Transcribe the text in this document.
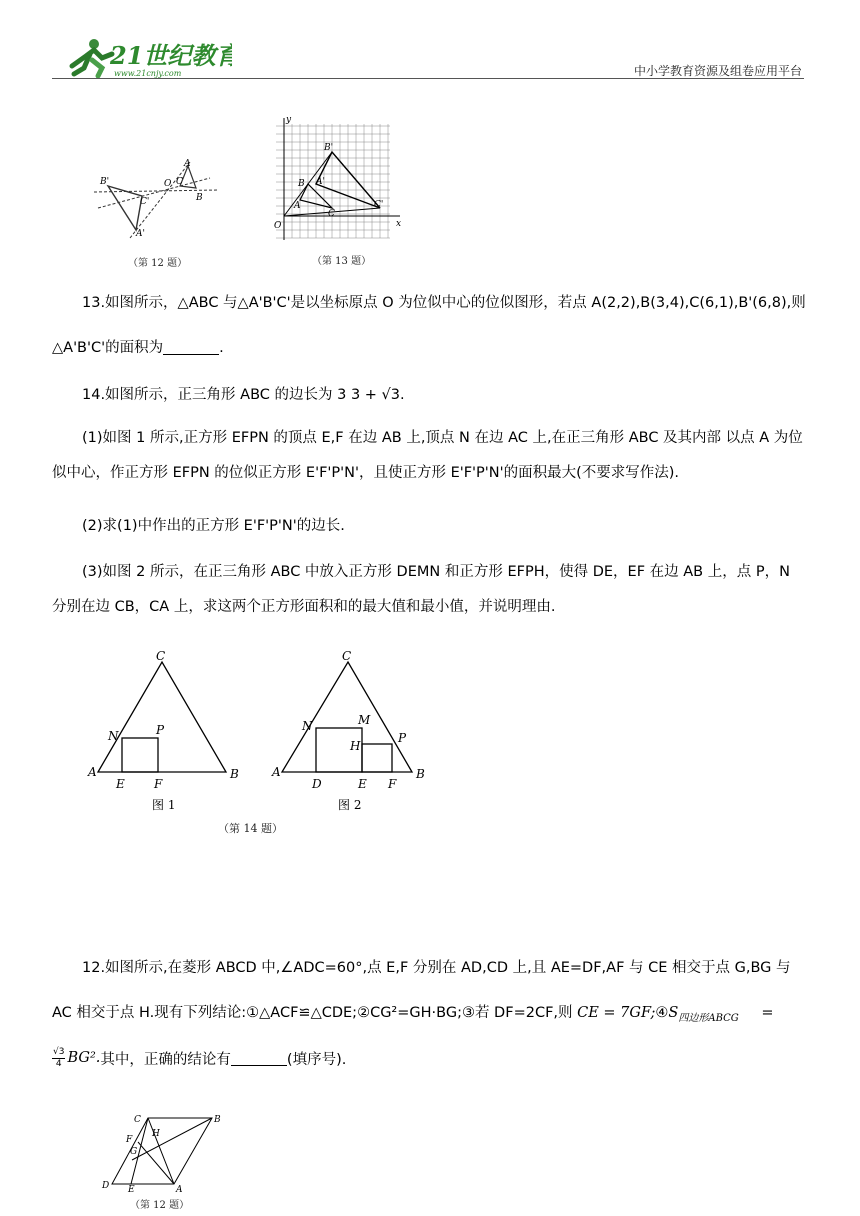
21世纪教育
www.21cnjy.com	中小学教育资源及组卷应用平台
B'	O
A
C
B
C'
A'
（第 12 题）
y
B'
B A'
C
A	C'
O	x
（第 13 题）
13.如图所示，△ABC 与△A'B'C'是以坐标原点 O 为位似中心的位似图形，若点 A(2,2),B(3,4),C(6,1),B'(6,8),则
△A'B'C'的面积为	.
14.如图所示，正三角形 ABC 的边长为 3 3 + √3.
(1)如图 1 所示,正方形 EFPN 的顶点 E,F 在边 AB 上,顶点 N 在边 AC 上,在正三角形 ABC 及其内部 以点 A 为位似中心，作正方形 EFPN 的位似正方形 E'F'P'N'，且使正方形 E'F'P'N'的面积最大(不要求写作法).
(2)求(1)中作出的正方形 E'F'P'N'的边长.
(3)如图 2 所示，在正三角形 ABC 中放入正方形 DEMN 和正方形 EFPH，使得 DE，EF 在边 AB 上，点 P，N 分别在边 CB，CA 上，求这两个正方形面积和的最大值和最小值，并说明理由.
C
N	P
A
E F
B
图 1
C
M
N
P
H
A
D	E F
B
图 2
（第 14 题）
12.如图所示,在菱形 ABCD 中,∠ADC=60°,点 E,F 分别在 AD,CD 上,且 AE=DF,AF 与 CE 相交于点 G,BG 与
AC 相交于点 H.现有下列结论:①△ACF≌△CDE;②CG²=GH·BG;③若 DF=2CF,则 CE = $7GF;④S_{四边形ABCG}$ =
$\frac{√3}{4} BG^2$. 其中，正确的结论有	(填序号).
C	B
F
H
G
D E	A
（第 12 题）
